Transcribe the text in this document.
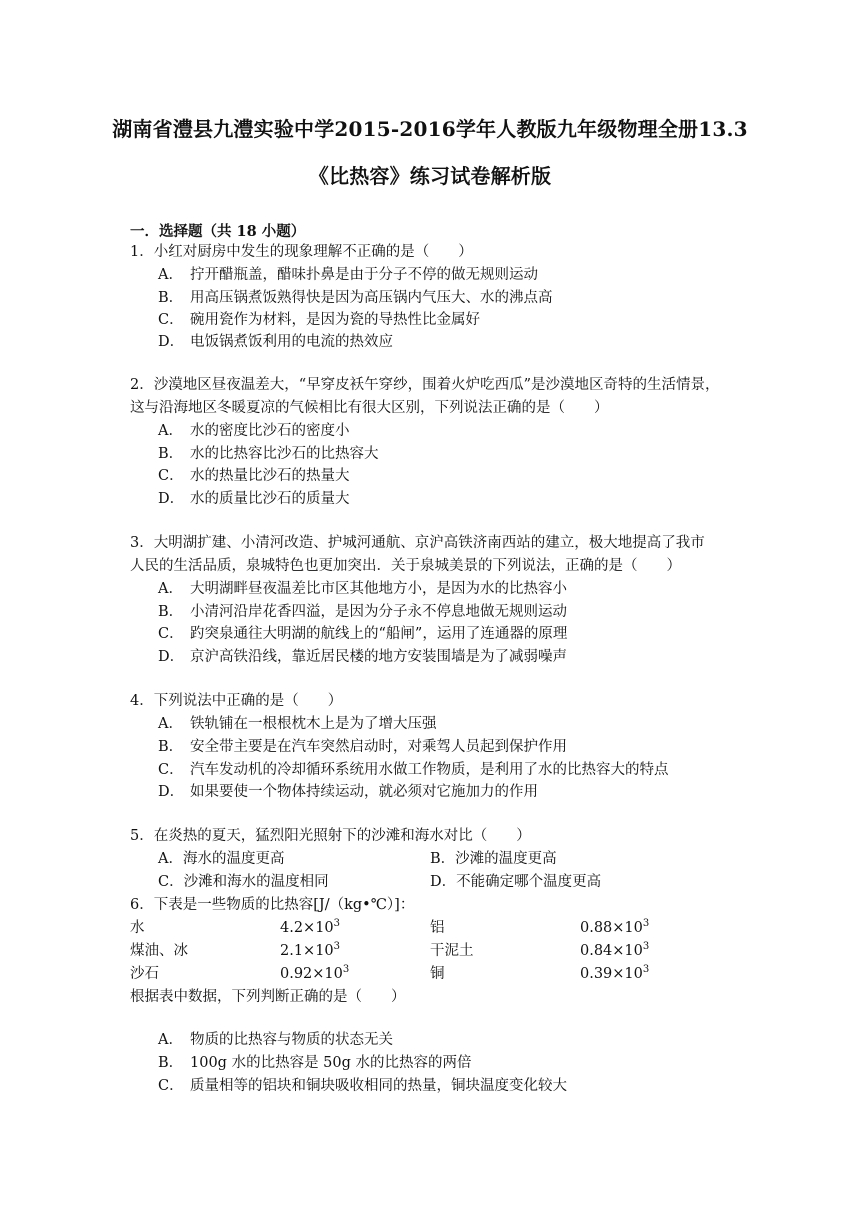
湖南省澧县九澧实验中学2015-2016学年人教版九年级物理全册13.3
《比热容》练习试卷解析版
一．选择题（共 18 小题）
1．小红对厨房中发生的现象理解不正确的是（　　）
A． 拧开醋瓶盖，醋味扑鼻是由于分子不停的做无规则运动
B． 用高压锅煮饭熟得快是因为高压锅内气压大、水的沸点高
C． 碗用瓷作为材料，是因为瓷的导热性比金属好
D． 电饭锅煮饭利用的电流的热效应
2．沙漠地区昼夜温差大，“早穿皮袄午穿纱，围着火炉吃西瓜”是沙漠地区奇特的生活情景，
这与沿海地区冬暖夏凉的气候相比有很大区别，下列说法正确的是（　　）
A． 水的密度比沙石的密度小
B． 水的比热容比沙石的比热容大
C． 水的热量比沙石的热量大
D． 水的质量比沙石的质量大
3．大明湖扩建、小清河改造、护城河通航、京沪高铁济南西站的建立，极大地提高了我市
人民的生活品质，泉城特色也更加突出．关于泉城美景的下列说法，正确的是（　　）
A． 大明湖畔昼夜温差比市区其他地方小，是因为水的比热容小
B． 小清河沿岸花香四溢，是因为分子永不停息地做无规则运动
C． 趵突泉通往大明湖的航线上的“船闸”，运用了连通器的原理
D． 京沪高铁沿线，靠近居民楼的地方安装围墙是为了减弱噪声
4．下列说法中正确的是（　　）
A． 铁轨铺在一根根枕木上是为了增大压强
B． 安全带主要是在汽车突然启动时，对乘驾人员起到保护作用
C． 汽车发动机的冷却循环系统用水做工作物质，是利用了水的比热容大的特点
D． 如果要使一个物体持续运动，就必须对它施加力的作用
5．在炎热的夏天，猛烈阳光照射下的沙滩和海水对比（　　）
A．海水的温度更高	B．沙滩的温度更高
C．沙滩和海水的温度相同	D．不能确定哪个温度更高
6．下表是一些物质的比热容[J/（kg•℃）]：
水	$4.2\times 10^3$	铝	$0.88\times 10^3$
煤油、冰	$2.1\times 10^3$	干泥土	$0.84\times 10^3$
沙石	$0.92\times 10^3$	铜	$0.39\times 10^3$
根据表中数据，下列判断正确的是（　　）
A． 物质的比热容与物质的状态无关
B． 100g 水的比热容是 50g 水的比热容的两倍
C． 质量相等的铝块和铜块吸收相同的热量，铜块温度变化较大
